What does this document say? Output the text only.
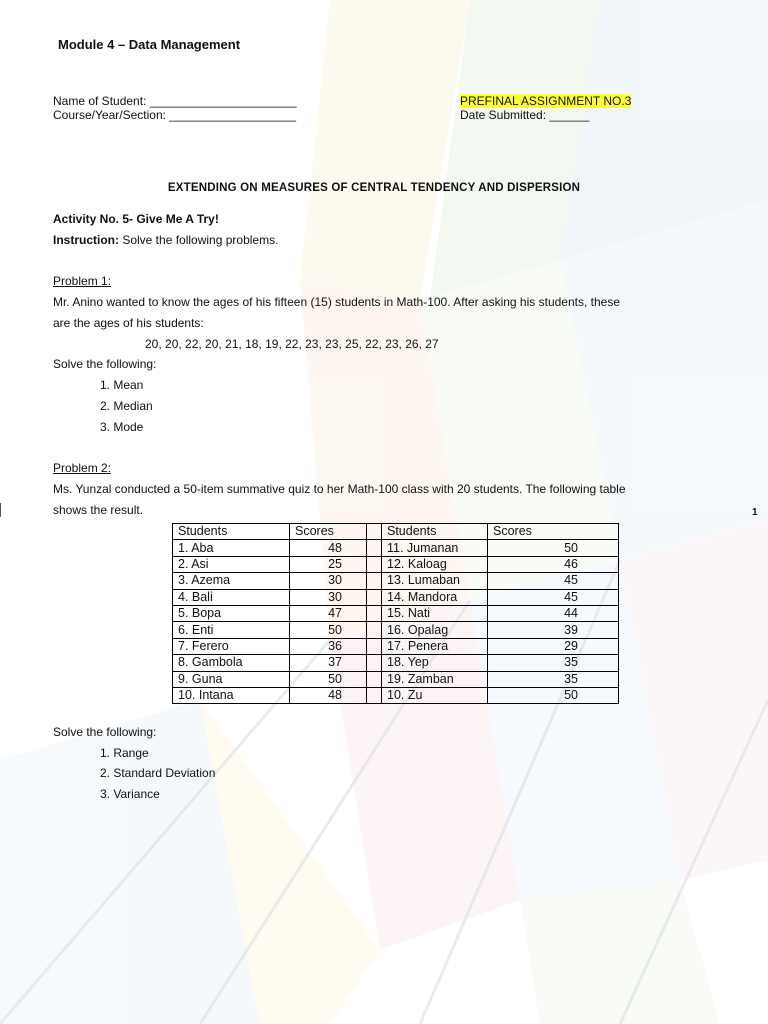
Module 4 – Data Management
Name of Student: ______________________
Course/Year/Section: ___________________
PREFINAL ASSIGNMENT NO.3
Date Submitted: ______
EXTENDING ON MEASURES OF CENTRAL TENDENCY AND DISPERSION
Activity No. 5- Give Me A Try!
Instruction: Solve the following problems.
Problem 1:
Mr. Anino wanted to know the ages of his fifteen (15) students in Math-100. After asking his students, these
are the ages of his students:
20, 20, 22, 20, 21, 18, 19, 22, 23, 23, 25, 22, 23, 26, 27
Solve the following:
1. Mean
2. Median
3. Mode
Problem 2:
Ms. Yunzal conducted a 50-item summative quiz to her Math-100 class with 20 students. The following table
shows the result.
Students	Scores		Students	Scores
1. Aba	48		11. Jumanan	50
2. Asi	25		12. Kaloag	46
3. Azema	30		13. Lumaban	45
4. Bali	30		14. Mandora	45
5. Bopa	47		15. Nati	44
6. Enti	50		16. Opalag	39
7. Ferero	36		17. Penera	29
8. Gambola	37		18. Yep	35
9. Guna	50		19. Zamban	35
10. Intana	48		10. Zu	50
Solve the following:
1. Range
2. Standard Deviation
3. Variance
1
